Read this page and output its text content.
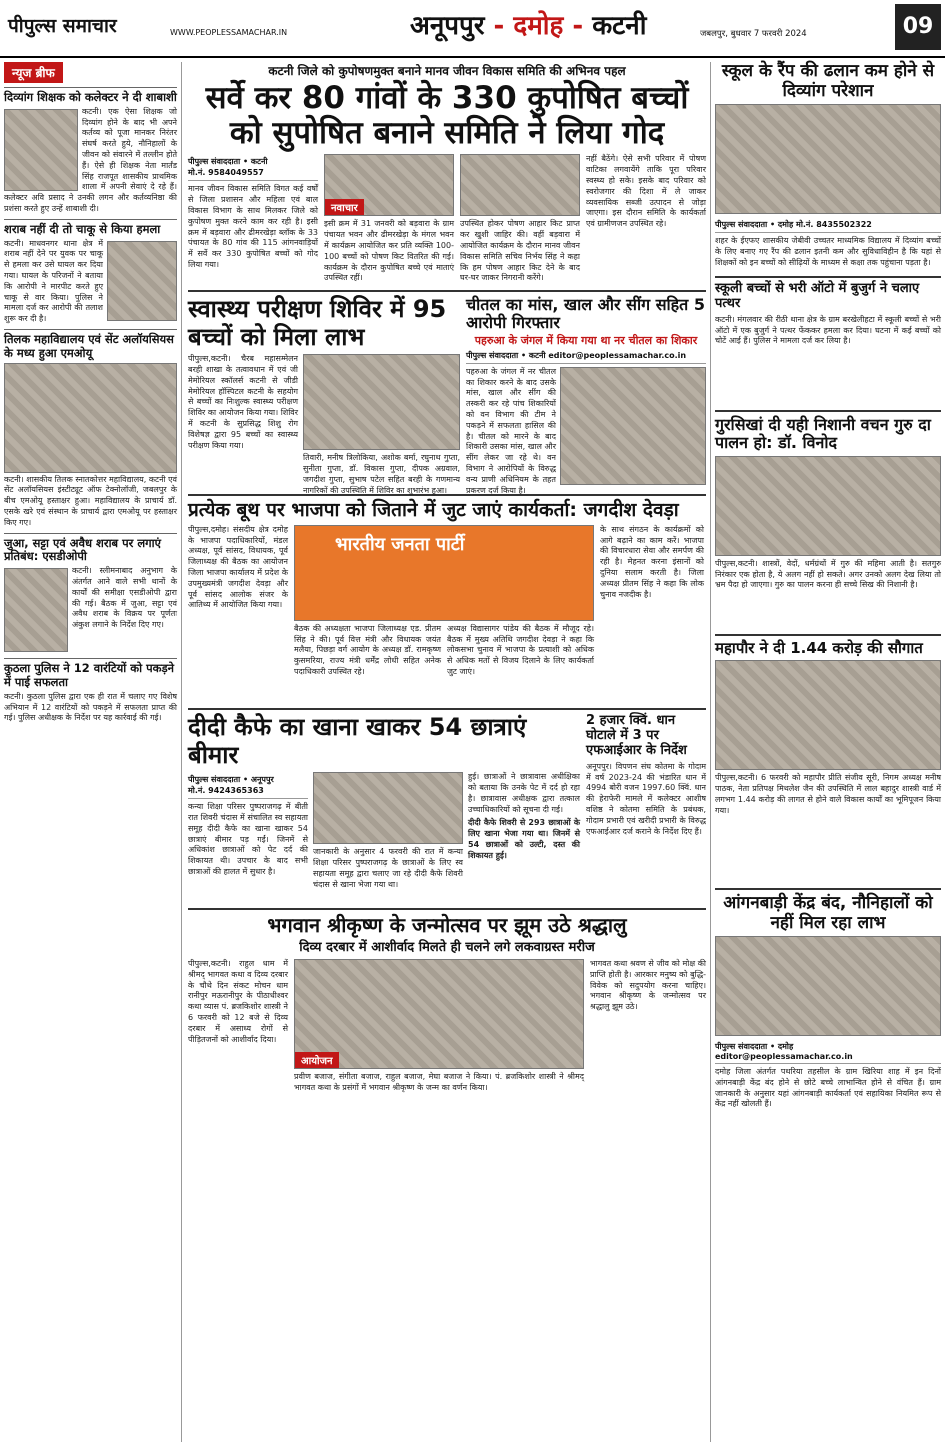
पीपुल्स समाचार	WWW.PEOPLESSAMACHAR.IN	अनूपपुर - दमोह - कटनी	जबलपुर, बुधवार 7 फरवरी 2024	09
न्यूज ब्रीफ
दिव्यांग शिक्षक को कलेक्टर ने दी शाबाशी
कटनी। एक ऐसा शिक्षक जो दिव्यांग होने के बाद भी अपने कर्तव्य को पूजा मानकर निरंतर संघर्ष करते हुये, नौनिहालों के जीवन को संवारने में तल्लीन होते हैं। ऐसे ही शिक्षक नेता मार्तंड सिंह राजपूत शासकीय प्राथमिक शाला में अपनी सेवाएं दे रहे हैं। कलेक्टर अवि प्रसाद ने उनकी लगन और कर्तव्यनिष्ठा की प्रशंसा करते हुए उन्हें शाबाशी दी।
शराब नहीं दी तो चाकू से किया हमला
कटनी। माधवनगर थाना क्षेत्र में शराब नहीं देने पर युवक पर चाकू से हमला कर उसे घायल कर दिया गया। घायल के परिजनों ने बताया कि आरोपी ने मारपीट करते हुए चाकू से वार किया। पुलिस ने मामला दर्ज कर आरोपी की तलाश शुरू कर दी है।
तिलक महाविद्यालय एवं सेंट अलॉयसियस के मध्य हुआ एमओयू
कटनी। शासकीय तिलक स्नातकोत्तर महाविद्यालय, कटनी एवं सेंट अलॉयसियस इंस्टीट्यूट ऑफ टेक्नोलॉजी, जबलपुर के बीच एमओयू हस्ताक्षर हुआ। महाविद्यालय के प्राचार्य डॉ. एसके खरे एवं संस्थान के प्राचार्य द्वारा एमओयू पर हस्ताक्षर किए गए।
जुआ, सट्टा एवं अवैध शराब पर लगाएं प्रतिबंध: एसडीओपी
कटनी। स्लीमनाबाद अनुभाग के अंतर्गत आने वाले सभी थानों के कार्यों की समीक्षा एसडीओपी द्वारा की गई। बैठक में जुआ, सट्टा एवं अवैध शराब के विक्रय पर पूर्णतः अंकुश लगाने के निर्देश दिए गए।
कुठला पुलिस ने 12 वारंटियों को पकड़ने में पाई सफलता
कटनी। कुठला पुलिस द्वारा एक ही रात में चलाए गए विशेष अभियान में 12 वारंटियों को पकड़ने में सफलता प्राप्त की गई। पुलिस अधीक्षक के निर्देश पर यह कार्रवाई की गई।
कटनी जिले को कुपोषणमुक्त बनाने मानव जीवन विकास समिति की अभिनव पहल
सर्वे कर 80 गांवों के 330 कुपोषित बच्चों को सुपोषित बनाने समिति ने लिया गोद
पीपुल्स संवाददाता • कटनी
मो.नं. 9584049557
मानव जीवन विकास समिति विगत कई वर्षों से जिला प्रशासन और महिला एवं बाल विकास विभाग के साथ मिलकर जिले को कुपोषण मुक्त करने काम कर रही है। इसी क्रम में बड़वारा और ढीमरखेड़ा ब्लॉक के 33 पंचायत के 80 गांव की 115 आंगनवाड़ियों में सर्वे कर 330 कुपोषित बच्चों को गोद लिया गया।
नवाचार
इसी क्रम में 31 जनवरी को बड़वारा के ग्राम पंचायत भवन और ढीमरखेड़ा के मंगल भवन में कार्यक्रम आयोजित कर प्रति व्यक्ति 100-100 बच्चों को पोषण किट वितरित की गई। कार्यक्रम के दौरान कुपोषित बच्चे एवं माताएं उपस्थित रहीं।
उपस्थित होकर पोषण आहार किट प्राप्त कर खुशी जाहिर की। वहीं बड़वारा में आयोजित कार्यक्रम के दौरान मानव जीवन विकास समिति सचिव निर्भय सिंह ने कहा कि हम पोषण आहार किट देने के बाद घर-घर जाकर निगरानी करेंगे।
नहीं बैठेंगे। ऐसे सभी परिवार में पोषण वाटिका लगवायेंगे ताकि पूरा परिवार स्वस्थ्य हो सके। इसके बाद परिवार को स्वरोजगार की दिशा में ले जाकर व्यवसायिक सब्जी उत्पादन से जोड़ा जाएगा। इस दौरान समिति के कार्यकर्ता एवं ग्रामीणजन उपस्थित रहे।
स्वास्थ्य परीक्षण शिविर में 95 बच्चों को मिला लाभ
पीपुल्स,कटनी। चैरब महासम्मेलन बरही शाखा के तत्वावधान में एवं जी मेमोरियल स्कॉलर्स कटनी से जीडी मेमोरियल हॉस्पिटल कटनी के सहयोग से बच्चों का निःशुल्क स्वास्थ्य परीक्षण शिविर का आयोजन किया गया। शिविर में कटनी के सुप्रसिद्ध शिशु रोग विशेषज्ञ द्वारा 95 बच्चों का स्वास्थ्य परीक्षण किया गया।
तिवारी, मनीष त्रिलोकिया, अशोक बर्मा, रघुनाथ गुप्ता, सुनीता गुप्ता, डॉ. विकास गुप्ता, दीपक अग्रवाल, जगदीश गुप्ता, सुभाष पटेल सहित बरही के गणमान्य नागरिकों की उपस्थिति में शिविर का शुभारंभ हुआ।
चीतल का मांस, खाल और सींग सहित 5 आरोपी गिरफ्तार
पहरुआ के जंगल में किया गया था नर चीतल का शिकार
पीपुल्स संवाददाता • कटनी editor@peoplessamachar.co.in
पहरुआ के जंगल में नर चीतल का शिकार करने के बाद उसके मांस, खाल और सींग की तस्करी कर रहे पांच शिकारियों को वन विभाग की टीम ने पकड़ने में सफलता हासिल की है। चीतल को मारने के बाद शिकारी उसका मांस, खाल और सींग लेकर जा रहे थे। वन विभाग ने आरोपियों के विरुद्ध वन्य प्राणी अधिनियम के तहत प्रकरण दर्ज किया है।
प्रत्येक बूथ पर भाजपा को जिताने में जुट जाएं कार्यकर्ता: जगदीश देवड़ा
पीपुल्स,दमोह। संसदीय क्षेत्र दमोह के भाजपा पदाधिकारियों, मंडल अध्यक्ष, पूर्व सांसद, विधायक, पूर्व जिलाध्यक्ष की बैठक का आयोजन जिला भाजपा कार्यालय में प्रदेश के उपमुख्यमंत्री जगदीश देवड़ा और पूर्व सांसद आलोक संजर के आतिथ्य में आयोजित किया गया।
भारतीय जनता पार्टी
बैठक की अध्यक्षता भाजपा जिलाध्यक्ष एड. प्रीतम सिंह ने की। पूर्व वित्त मंत्री और विधायक जयंत मलैया, पिछड़ा वर्ग आयोग के अध्यक्ष डॉ. रामकृष्ण कुसमरिया, राज्य मंत्री धर्मेंद्र लोधी सहित अनेक पदाधिकारी उपस्थित रहे।
अध्यक्ष विद्यासागर पांडेय की बैठक में मौजूद रहे। बैठक में मुख्य अतिथि जगदीश देवड़ा ने कहा कि लोकसभा चुनाव में भाजपा के प्रत्याशी को अधिक से अधिक मतों से विजय दिलाने के लिए कार्यकर्ता जुट जाएं।
के साथ संगठन के कार्यक्रमों को आगे बढ़ाने का काम करें। भाजपा की विचारधारा सेवा और समर्पण की रही है। मेहनत करना इंसानों को दुनिया सलाम करती है। जिला अध्यक्ष प्रीतम सिंह ने कहा कि लोक चुनाव नजदीक है।
दीदी कैफे का खाना खाकर 54 छात्राएं बीमार
पीपुल्स संवाददाता • अनूपपुर
मो.नं. 9424365363
कन्या शिक्षा परिसर पुष्पराजगढ़ में बीती रात शिवरी चंदास में संचालित स्व सहायता समूह दीदी कैफे का खाना खाकर 54 छात्राएं बीमार पड़ गईं। जिनमें से अधिकांश छात्राओं को पेट दर्द की शिकायत थी। उपचार के बाद सभी छात्राओं की हालत में सुधार है।
जानकारी के अनुसार 4 फरवरी की रात में कन्या शिक्षा परिसर पुष्पराजगढ़ के छात्राओं के लिए स्व सहायता समूह द्वारा चलाए जा रहे दीदी कैफे शिवरी चंदास से खाना भेजा गया था।
हुई। छात्राओं ने छात्रावास अधीक्षिका को बताया कि उनके पेट में दर्द हो रहा है। छात्रावास अधीक्षक द्वारा तत्काल उच्चाधिकारियों को सूचना दी गई।
दीदी कैफे शिवरी से 293 छात्राओं के लिए खाना भेजा गया था। जिनमें से 54 छात्राओं को उल्टी, दस्त की शिकायत हुई।
2 हजार क्विं. धान घोटाले में 3 पर एफआईआर के निर्देश
अनूपपुर। विपणन संघ कोतमा के गोदाम में वर्ष 2023-24 की भंडारित धान में 4994 बोरी वजन 1997.60 क्विं. धान की हेराफेरी मामले में कलेक्टर आशीष वशिष्ठ ने कोतमा समिति के प्रबंधक, गोदाम प्रभारी एवं खरीदी प्रभारी के विरुद्ध एफआईआर दर्ज कराने के निर्देश दिए हैं।
भगवान श्रीकृष्ण के जन्मोत्सव पर झूम उठे श्रद्धालु
दिव्य दरबार में आशीर्वाद मिलते ही चलने लगे लकवाग्रस्त मरीज
पीपुल्स,कटनी। राहुल धाम में श्रीमद् भागवत कथा व दिव्य दरबार के चौथे दिन संकट मोचन धाम रानीपुर मऊरानीपुर के पीठाधीश्वर कथा व्यास पं. ब्रजकिशोर शास्त्री ने 6 फरवरी को 12 बजे से दिव्य दरबार में असाध्य रोगों से पीड़ितजनों को आशीर्वाद दिया।
आयोजन
प्रवीण बजाज, संगीता बजाज, राहुल बजाज, मेघा बजाज ने किया। पं. ब्रजकिशोर शास्त्री ने श्रीमद् भागवत कथा के प्रसंगों में भगवान श्रीकृष्ण के जन्म का वर्णन किया।
भागवत कथा श्रवण से जीव को मोक्ष की प्राप्ति होती है। आरकार मनुष्य को बुद्धि-विवेक को सदुपयोग करना चाहिए। भगवान श्रीकृष्ण के जन्मोत्सव पर श्रद्धालु झूम उठे।
स्कूल के रैंप की ढलान कम होने से दिव्यांग परेशान
पीपुल्स संवाददाता • दमोह मो.नं. 8435502322
शहर के ईएफए शासकीय जेबीवी उच्चतर माध्यमिक विद्यालय में दिव्यांग बच्चों के लिए बनाए गए रैंप की ढलान इतनी कम और सुविधाविहीन है कि यहां से शिक्षकों को इन बच्चों को सीढ़ियों के माध्यम से कक्षा तक पहुंचाना पड़ता है।
स्कूली बच्चों से भरी ऑटो में बुजुर्ग ने चलाए पत्थर
कटनी। मंगलवार की रीठी थाना क्षेत्र के ग्राम बरखेलीहटा में स्कूली बच्चों से भरी ऑटो में एक बुजुर्ग ने पत्थर फेंककर हमला कर दिया। घटना में कई बच्चों को चोटें आई हैं। पुलिस ने मामला दर्ज कर लिया है।
गुरसिखां दी यही निशानी वचन गुरु दा पालन हो: डॉ. विनोद
पीपुल्स,कटनी। शास्त्रों, वेदों, धर्मग्रंथों में गुरु की महिमा आती है। सतगुरु निरंकार एक होता है, ये अलग नहीं हो सकते। अगर उनको अलग देख लिया तो भ्रम पैदा हो जाएगा। गुरु का पालन करना ही सच्चे सिख की निशानी है।
महापौर ने दी 1.44 करोड़ की सौगात
पीपुल्स,कटनी। 6 फरवरी को महापौर प्रीति संजीव सूरी, निगम अध्यक्ष मनीष पाठक, नेता प्रतिपक्ष मिथलेश जैन की उपस्थिति में लाल बहादुर शास्त्री वार्ड में लगभग 1.44 करोड़ की लागत से होने वाले विकास कार्यों का भूमिपूजन किया गया।
आंगनबाड़ी केंद्र बंद, नौनिहालों को नहीं मिल रहा लाभ
पीपुल्स संवाददाता • दमोह
editor@peoplessamachar.co.in
दमोह जिला अंतर्गत पथरिया तहसील के ग्राम खिरिया शाह में इन दिनों आंगनबाड़ी केंद्र बंद होने से छोटे बच्चे लाभान्वित होने से वंचित हैं। ग्राम जानकारी के अनुसार यहां आंगनबाड़ी कार्यकर्ता एवं सहायिका नियमित रूप से केंद्र नहीं खोलती हैं।
